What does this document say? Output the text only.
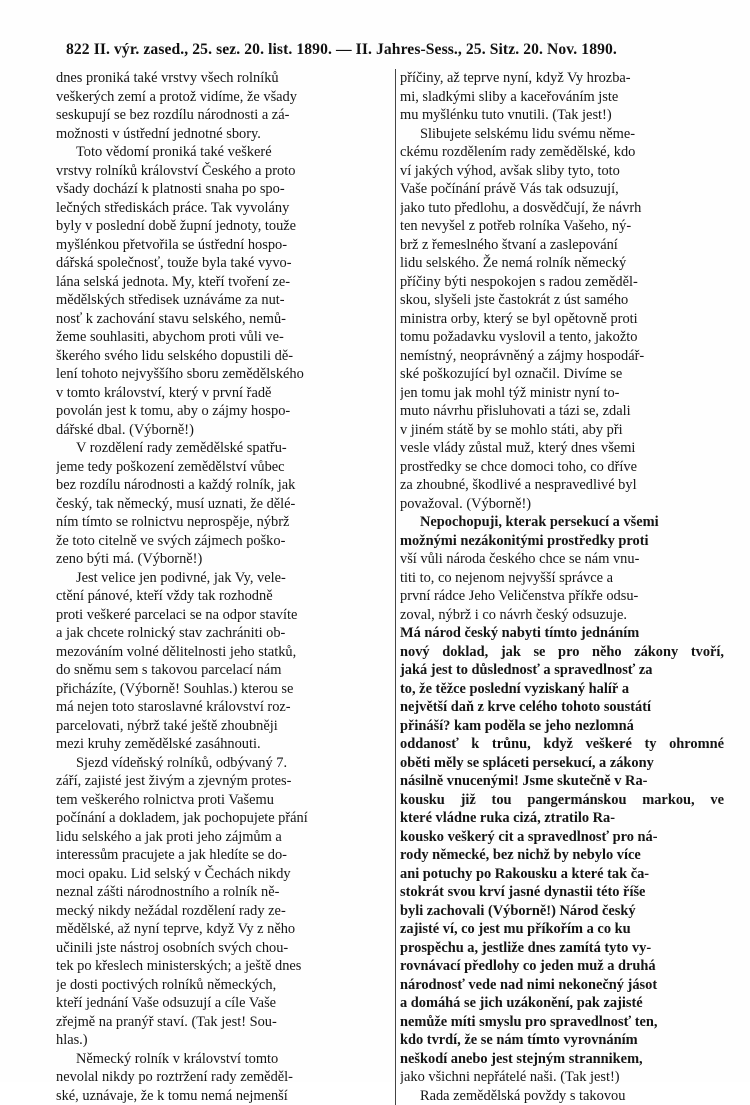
822 II. výr. zased., 25. sez. 20. list. 1890. — II. Jahres-Sess., 25. Sitz. 20. Nov. 1890.
dnes proniká také vrstvy všech rolníků
veškerých zemí a protož vidíme, že všady
seskupují se bez rozdílu národnosti a zá-
možnosti v ústřední jednotné sbory.
Toto vědomí proniká také veškeré
vrstvy rolníků království Českého a proto
všady dochází k platnosti snaha po spo-
lečných střediskách práce. Tak vyvolány
byly v poslední době župní jednoty, touže
myšlénkou přetvořila se ústřední hospo-
dářská společnosť, touže byla také vyvo-
lána selská jednota. My, kteří tvoření ze-
mědělských středisek uznáváme za nut-
nosť k zachování stavu selského, nemů-
žeme souhlasiti, abychom proti vůli ve-
škerého svého lidu selského dopustili dě-
lení tohoto nejvyššího sboru zemědělského
v tomto království, který v první řadě
povolán jest k tomu, aby o zájmy hospo-
dářské dbal. (Výborně!)
V rozdělení rady zemědělské spatřu-
jeme tedy poškození zemědělství vůbec
bez rozdílu národnosti a každý rolník, jak
český, tak německý, musí uznati, že dělé-
ním tímto se rolnictvu neprospěje, nýbrž
že toto citelně ve svých zájmech poško-
zeno býti má. (Výborně!)
Jest velice jen podivné, jak Vy, vele-
ctění pánové, kteří vždy tak rozhodně
proti veškeré parcelaci se na odpor stavíte
a jak chcete rolnický stav zachrániti ob-
mezováním volné dělitelnosti jeho statků,
do sněmu sem s takovou parcelací nám
přicházíte, (Výborně! Souhlas.) kterou se
má nejen toto staroslavné království roz-
parcelovati, nýbrž také ještě zhoubněji
mezi kruhy zemědělské zasáhnouti.
Sjezd vídeňský rolníků, odbývaný 7.
září, zajisté jest živým a zjevným protes-
tem veškerého rolnictva proti Vašemu
počínání a dokladem, jak pochopujete přání
lidu selského a jak proti jeho zájmům a
interessům pracujete a jak hledíte se do-
moci opaku. Lid selský v Čechách nikdy
neznal zášti národnostního a rolník ně-
mecký nikdy nežádal rozdělení rady ze-
mědělské, až nyní teprve, když Vy z něho
učinili jste nástroj osobních svých chou-
tek po křeslech ministerských; a ještě dnes
je dosti poctivých rolníků německých,
kteří jednání Vaše odsuzují a cíle Vaše
zřejmě na pranýř staví. (Tak jest! Sou-
hlas.)
Německý rolník v království tomto
nevolal nikdy po roztržení rady zeměděl-
ské, uznávaje, že k tomu nemá nejmenší
příčiny, až teprve nyní, když Vy hrozba-
mi, sladkými sliby a kaceřováním jste
mu myšlénku tuto vnutili. (Tak jest!)
Slibujete selskému lidu svému něme-
ckému rozdělením rady zemědělské, kdo
ví jakých výhod, avšak sliby tyto, toto
Vaše počínání právě Vás tak odsuzují,
jako tuto předlohu, a dosvědčují, že návrh
ten nevyšel z potřeb rolníka Vašeho, ný-
brž z řemeslného štvaní a zaslepování
lidu selského. Že nemá rolník německý
příčiny býti nespokojen s radou zeměděl-
skou, slyšeli jste častokrát z úst samého
ministra orby, který se byl opětovně proti
tomu požadavku vyslovil a tento, jakožto
nemístný, neoprávněný a zájmy hospodář-
ské poškozující byl označil. Divíme se
jen tomu jak mohl týž ministr nyní to-
muto návrhu přisluhovati a tázi se, zdali
v jiném státě by se mohlo státi, aby při
vesle vlády zůstal muž, který dnes všemi
prostředky se chce domoci toho, co dříve
za zhoubné, škodlivé a nespravedlivé byl
považoval. (Výborně!)
Nepochopuji, kterak persekucí a všemi
možnými nezákonitými prostředky proti
vší vůli národa českého chce se nám vnu-
titi to, co nejenom nejvyšší správce a
první rádce Jeho Veličenstva příkře odsu-
zoval, nýbrž i co návrh český odsuzuje.
Má národ český nabyti tímto jednáním
nový doklad, jak se pro něho zákony tvoří,
jaká jest to důslednosť a spravedlnosť za
to, že těžce poslední vyziskaný halíř a
největší daň z krve celého tohoto soustátí
přináší? kam poděla se jeho nezlomná
oddanosť k trůnu, když veškeré ty ohromné
oběti měly se spláceti persekucí, a zákony
násilně vnucenými! Jsme skutečně v Ra-
kousku již tou pangermánskou markou, ve
které vládne ruka cizá, ztratilo Ra-
kousko veškerý cit a spravedlnosť pro ná-
rody německé, bez nichž by nebylo více
ani potuchy po Rakousku a které tak ča-
stokrát svou krví jasné dynastii této říše
byli zachovali (Výborně!) Národ český
zajisté ví, co jest mu příkořím a co ku
prospěchu a, jestliže dnes zamítá tyto vy-
rovnávací předlohy co jeden muž a druhá
národnosť vede nad nimi nekonečný jásot
a domáhá se jich uzákonění, pak zajisté
nemůže míti smyslu pro spravedlnosť ten,
kdo tvrdí, že se nám tímto vyrovnáním
neškodí anebo jest stejným strannikem,
jako všichni nepřátelé naši. (Tak jest!)
Rada zemědělská povždy s takovou
